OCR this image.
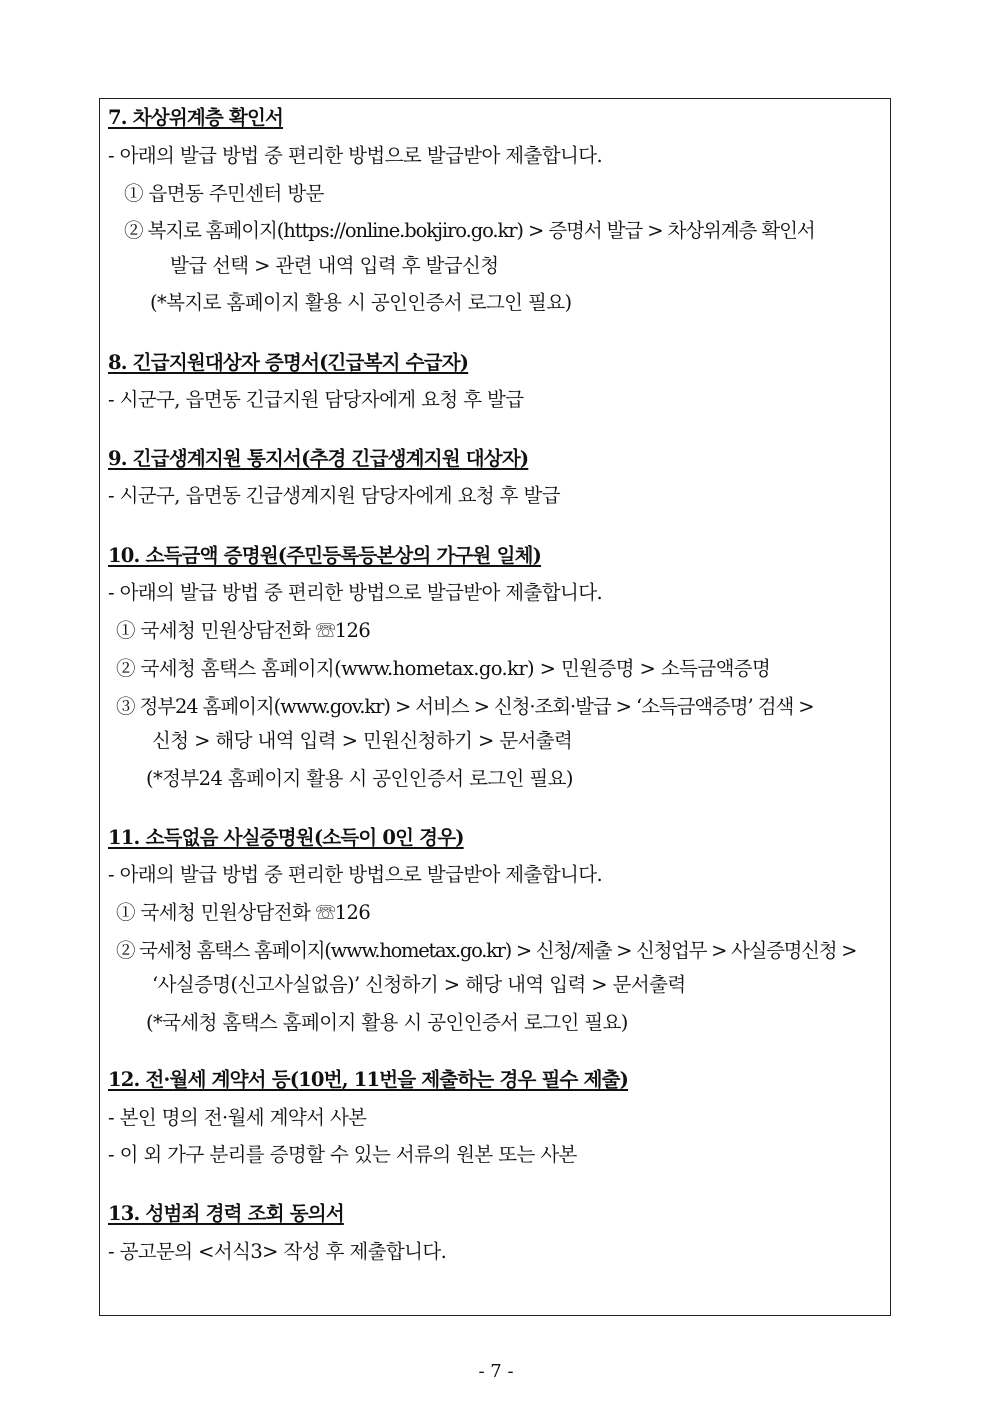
7. 차상위계층 확인서
- 아래의 발급 방법 중 편리한 방법으로 발급받아 제출합니다.
① 읍면동 주민센터 방문
② 복지로 홈페이지(https://online.bokjiro.go.kr) > 증명서 발급 > 차상위계층 확인서
발급 선택 > 관련 내역 입력 후 발급신청
(*복지로 홈페이지 활용 시 공인인증서 로그인 필요)
8. 긴급지원대상자 증명서(긴급복지 수급자)
- 시군구, 읍면동 긴급지원 담당자에게 요청 후 발급
9. 긴급생계지원 통지서(추경 긴급생계지원 대상자)
- 시군구, 읍면동 긴급생계지원 담당자에게 요청 후 발급
10. 소득금액 증명원(주민등록등본상의 가구원 일체)
- 아래의 발급 방법 중 편리한 방법으로 발급받아 제출합니다.
① 국세청 민원상담전화 ☏126
② 국세청 홈택스 홈페이지(www.hometax.go.kr) > 민원증명 > 소득금액증명
③ 정부24 홈페이지(www.gov.kr) > 서비스 > 신청·조회·발급 > ‘소득금액증명’ 검색 >
신청 > 해당 내역 입력 > 민원신청하기 > 문서출력
(*정부24 홈페이지 활용 시 공인인증서 로그인 필요)
11. 소득없음 사실증명원(소득이 0인 경우)
- 아래의 발급 방법 중 편리한 방법으로 발급받아 제출합니다.
① 국세청 민원상담전화 ☏126
② 국세청 홈택스 홈페이지(www.hometax.go.kr) > 신청/제출 > 신청업무 > 사실증명신청 >
‘사실증명(신고사실없음)’ 신청하기 > 해당 내역 입력 > 문서출력
(*국세청 홈택스 홈페이지 활용 시 공인인증서 로그인 필요)
12. 전·월세 계약서 등(10번, 11번을 제출하는 경우 필수 제출)
- 본인 명의 전·월세 계약서 사본
- 이 외 가구 분리를 증명할 수 있는 서류의 원본 또는 사본
13. 성범죄 경력 조회 동의서
- 공고문의 <서식3> 작성 후 제출합니다.
- 7 -
